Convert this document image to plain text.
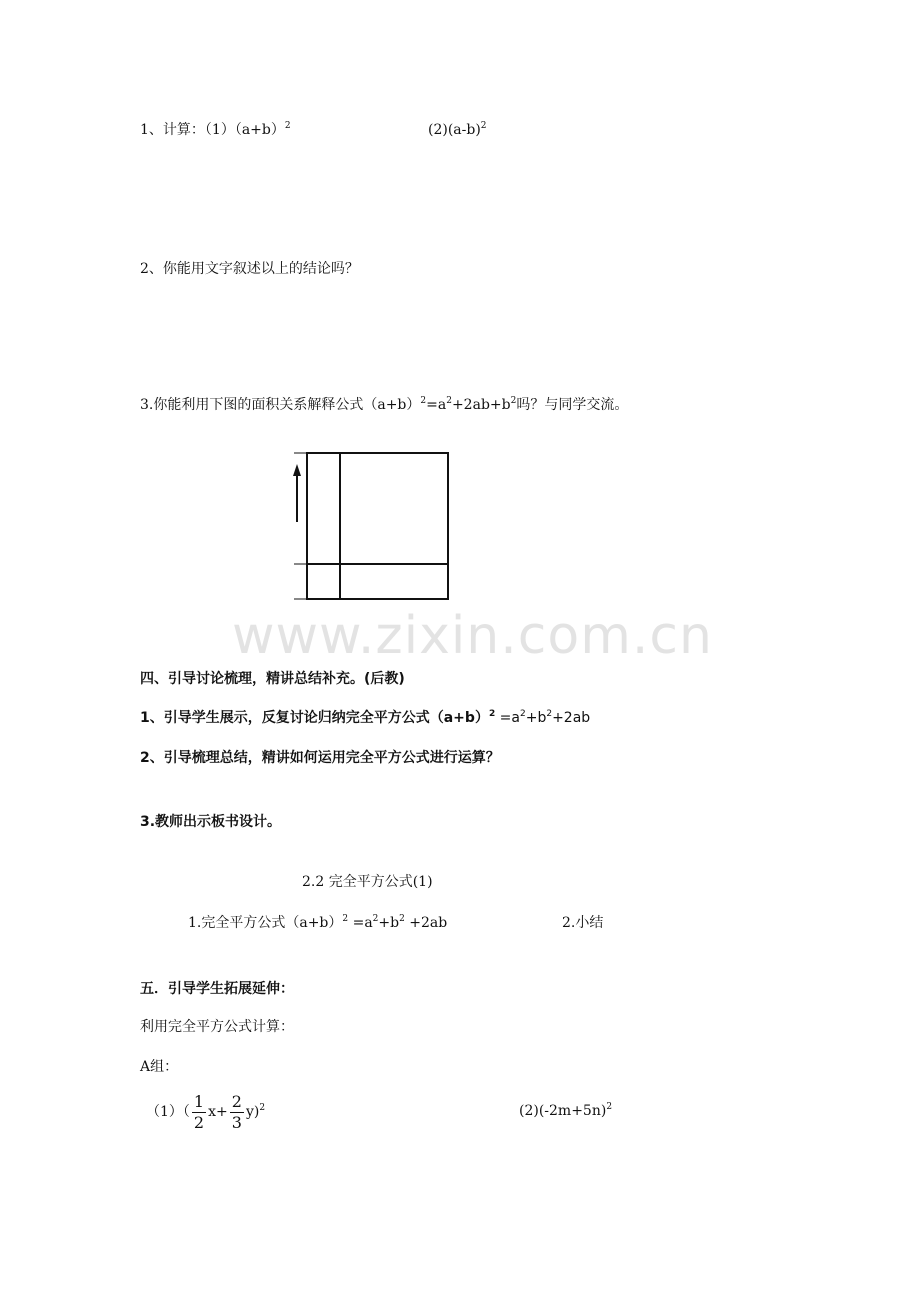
1、计算：$(1)(a+b)^2$	$(2)(a-b)^2$
2、你能用文字叙述以上的结论吗？
3.你能利用下图的面积关系解释公式$(a+b)^2=a^2+2ab+b^2$吗？与同学交流。
www.zixin.com.cn
四、引导讨论梳理，精讲总结补充。(后教)
1、引导学生展示，反复讨论归纳完全平方公式$(a+b)^2 =a^2+b^2+2ab$
2、引导梳理总结，精讲如何运用完全平方公式进行运算？
3.教师出示板书设计。
2.2 完全平方公式(1)
1.完全平方公式$(a+b)^2 =a^2+b^2 +2ab$	2.小结
五．引导学生拓展延伸：
利用完全平方公式计算：
A组：
$(1)( \frac{1}{2} x+ \frac{2}{3} y)^2$	$(2)(-2m+5n)^2$
